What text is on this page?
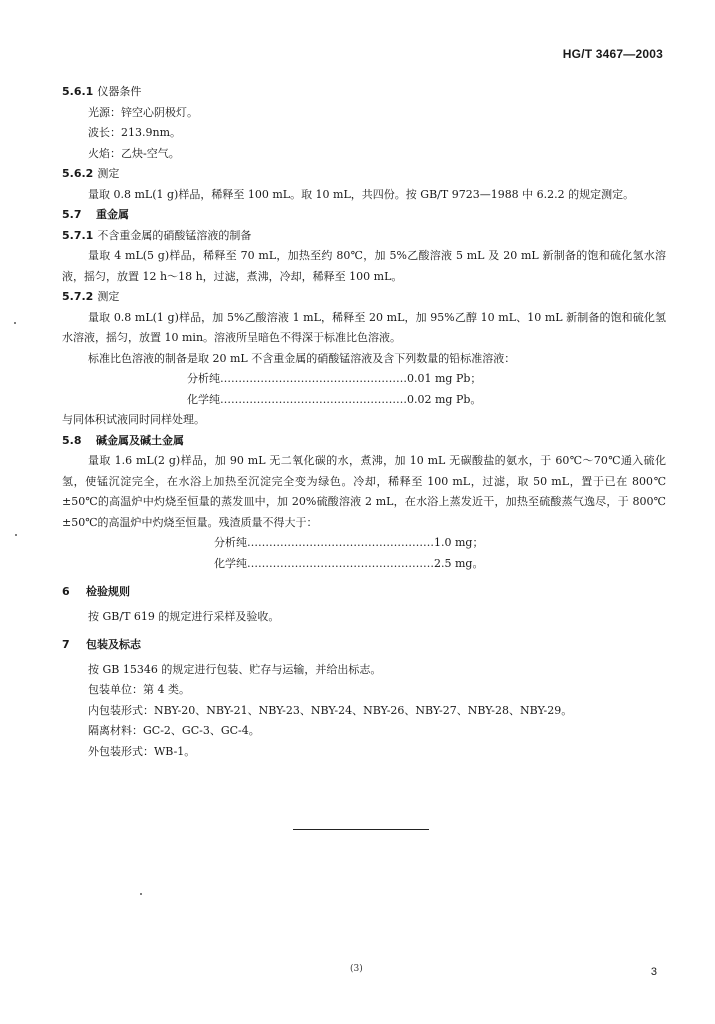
HG/T 3467—2003
5.6.1 仪器条件
光源：锌空心阴极灯。
波长：213.9nm。
火焰：乙炔-空气。
5.6.2 测定

量取 0.8 mL(1 g)样品，稀释至 100 mL。取 10 mL，共四份。按 GB/T 9723—1988 中 6.2.2 的规定测定。

5.7 重金属
5.7.1 不含重金属的硝酸锰溶液的制备

量取 4 mL(5 g)样品，稀释至 70 mL，加热至约 80℃，加 5%乙酸溶液 5 mL 及 20 mL 新制备的饱和硫化氢水溶液，摇匀，放置 12 h～18 h，过滤，煮沸，冷却，稀释至 100 mL。

5.7.2 测定

量取 0.8 mL(1 g)样品，加 5%乙酸溶液 1 mL，稀释至 20 mL，加 95%乙醇 10 mL、10 mL 新制备的饱和硫化氢水溶液，摇匀，放置 10 min。溶液所呈暗色不得深于标准比色溶液。

标准比色溶液的制备是取 20 mL 不含重金属的硝酸锰溶液及含下列数量的铅标准溶液：

分析纯……………………………………………0.01 mg Pb；
化学纯……………………………………………0.02 mg Pb。

与同体积试液同时同样处理。

5.8 碱金属及碱土金属

量取 1.6 mL(2 g)样品，加 90 mL 无二氧化碳的水，煮沸，加 10 mL 无碳酸盐的氨水，于 60℃～70℃通入硫化氢，使锰沉淀完全，在水浴上加热至沉淀完全变为绿色。冷却，稀释至 100 mL，过滤，取 50 mL，置于已在 800℃±50℃的高温炉中灼烧至恒量的蒸发皿中，加 20%硫酸溶液 2 mL，在水浴上蒸发近干，加热至硫酸蒸气逸尽，于 800℃±50℃的高温炉中灼烧至恒量。残渣质量不得大于：

分析纯……………………………………………1.0 mg；
化学纯……………………………………………2.5 mg。
6 检验规则

按 GB/T 619 的规定进行采样及验收。

7 包装及标志
按 GB 15346 的规定进行包装、贮存与运输，并给出标志。
包装单位：第 4 类。
内包装形式：NBY-20、NBY-21、NBY-23、NBY-24、NBY-26、NBY-27、NBY-28、NBY-29。
隔离材料：GC-2、GC-3、GC-4。
外包装形式：WB-1。
(3)	3
